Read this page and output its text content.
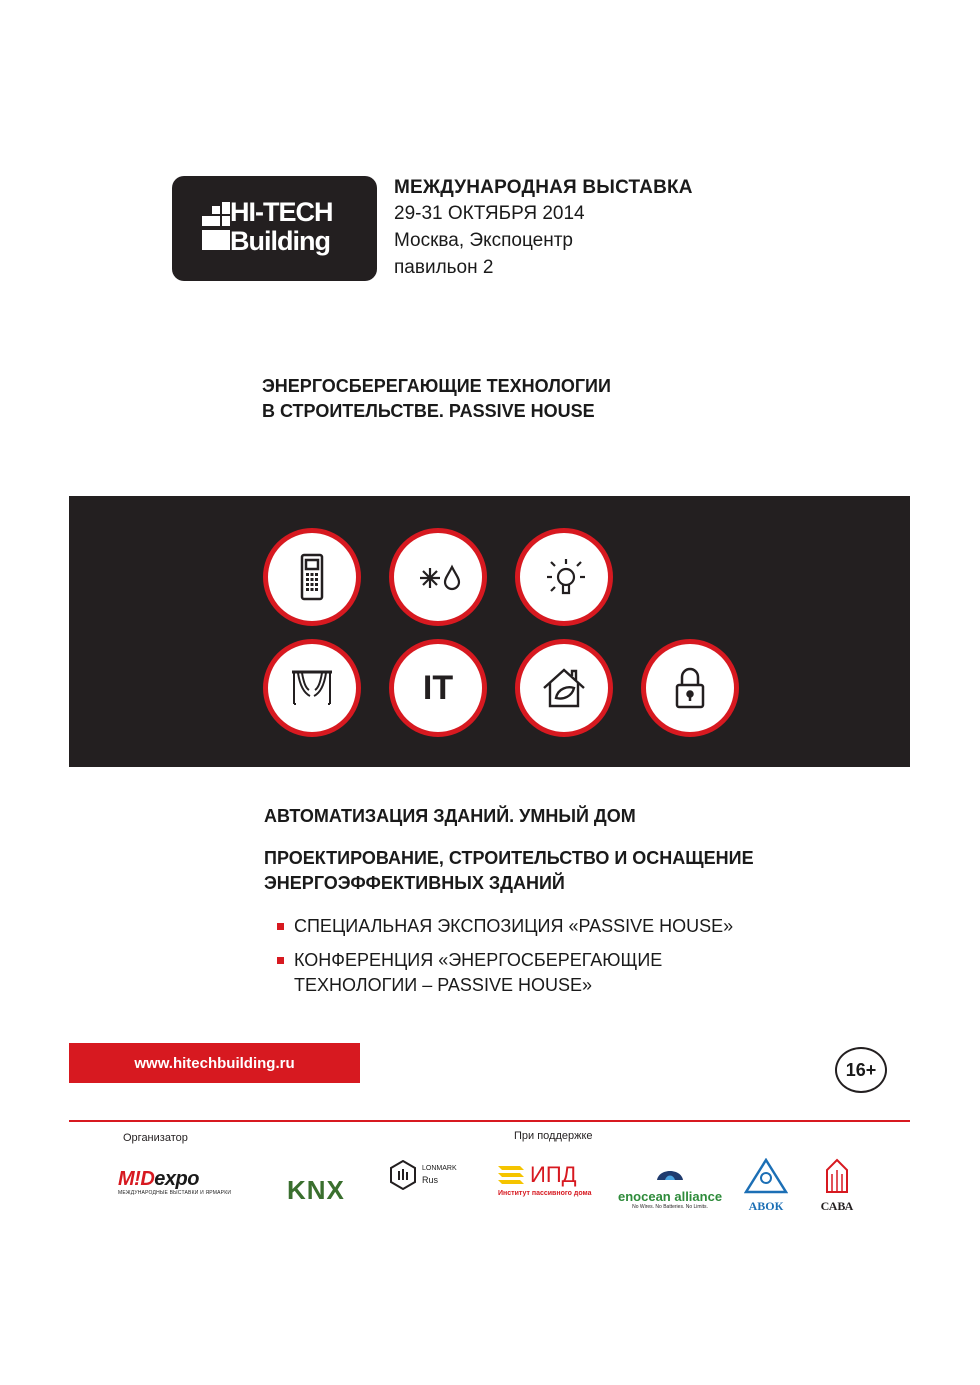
HI-TECH
Building
МЕЖДУНАРОДНАЯ ВЫСТАВКА
29-31 ОКТЯБРЯ 2014
Москва, Экспоцентр
павильон 2
ЭНЕРГОСБЕРЕГАЮЩИЕ ТЕХНОЛОГИИ
В СТРОИТЕЛЬСТВЕ. PASSIVE HOUSE
IT
АВТОМАТИЗАЦИЯ ЗДАНИЙ. УМНЫЙ ДОМ
ПРОЕКТИРОВАНИЕ, СТРОИТЕЛЬСТВО И ОСНАЩЕНИЕ
ЭНЕРГОЭФФЕКТИВНЫХ ЗДАНИЙ
СПЕЦИАЛЬНАЯ ЭКСПОЗИЦИЯ «PASSIVE HOUSE»
КОНФЕРЕНЦИЯ «ЭНЕРГОСБЕРЕГАЮЩИЕ
ТЕХНОЛОГИИ – PASSIVE HOUSE»
www.hitechbuilding.ru	16+
Организатор	При поддержке
M!Dexpo
МЕЖДУНАРОДНЫЕ ВЫСТАВКИ И ЯРМАРКИ KNX
LONMARK
Rus	ИПД
Институт пассивного дома enocean alliance
No Wires. No Batteries. No Limits.	АВОК	САВА
